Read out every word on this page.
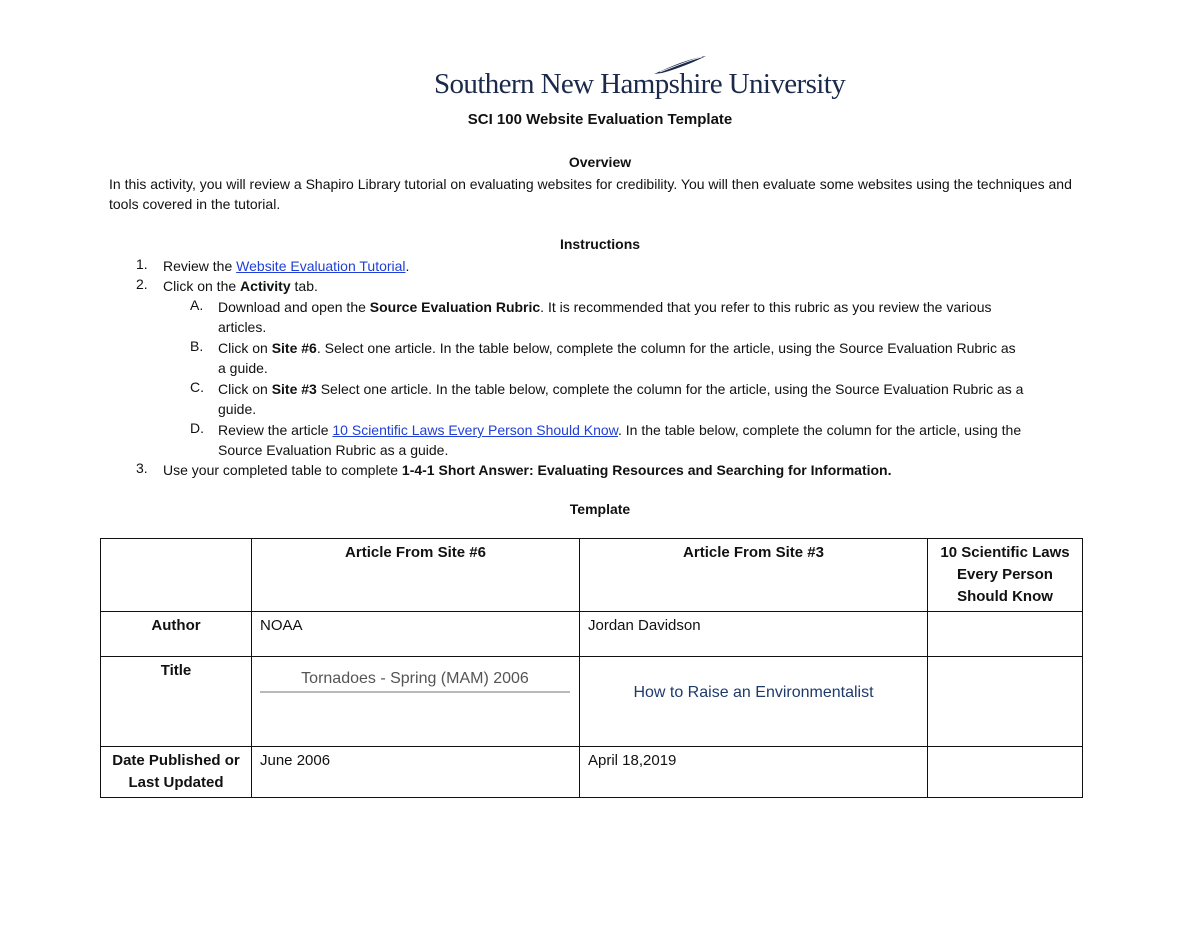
Southern New Hampshire University
SCI 100 Website Evaluation Template
Overview
In this activity, you will review a Shapiro Library tutorial on evaluating websites for credibility. You will then evaluate some websites using the techniques and tools covered in the tutorial.
Instructions
1. Review the Website Evaluation Tutorial.
2. Click on the Activity tab.
A. Download and open the Source Evaluation Rubric. It is recommended that you refer to this rubric as you review the various
articles.
B. Click on Site #6. Select one article. In the table below, complete the column for the article, using the Source Evaluation Rubric as
a guide.
C. Click on Site #3 Select one article. In the table below, complete the column for the article, using the Source Evaluation Rubric as a
guide.
D. Review the article 10 Scientific Laws Every Person Should Know. In the table below, complete the column for the article, using the
Source Evaluation Rubric as a guide.
3. Use your completed table to complete 1-4-1 Short Answer: Evaluating Resources and Searching for Information.
Template
	Article From Site #6	Article From Site #3	10 Scientific Laws Every Person Should Know
Author	NOAA	Jordan Davidson	
Title	Tornadoes - Spring (MAM) 2006	How to Raise an Environmentalist	

Date Published or Last Updated	June 2006	April 18,2019	
